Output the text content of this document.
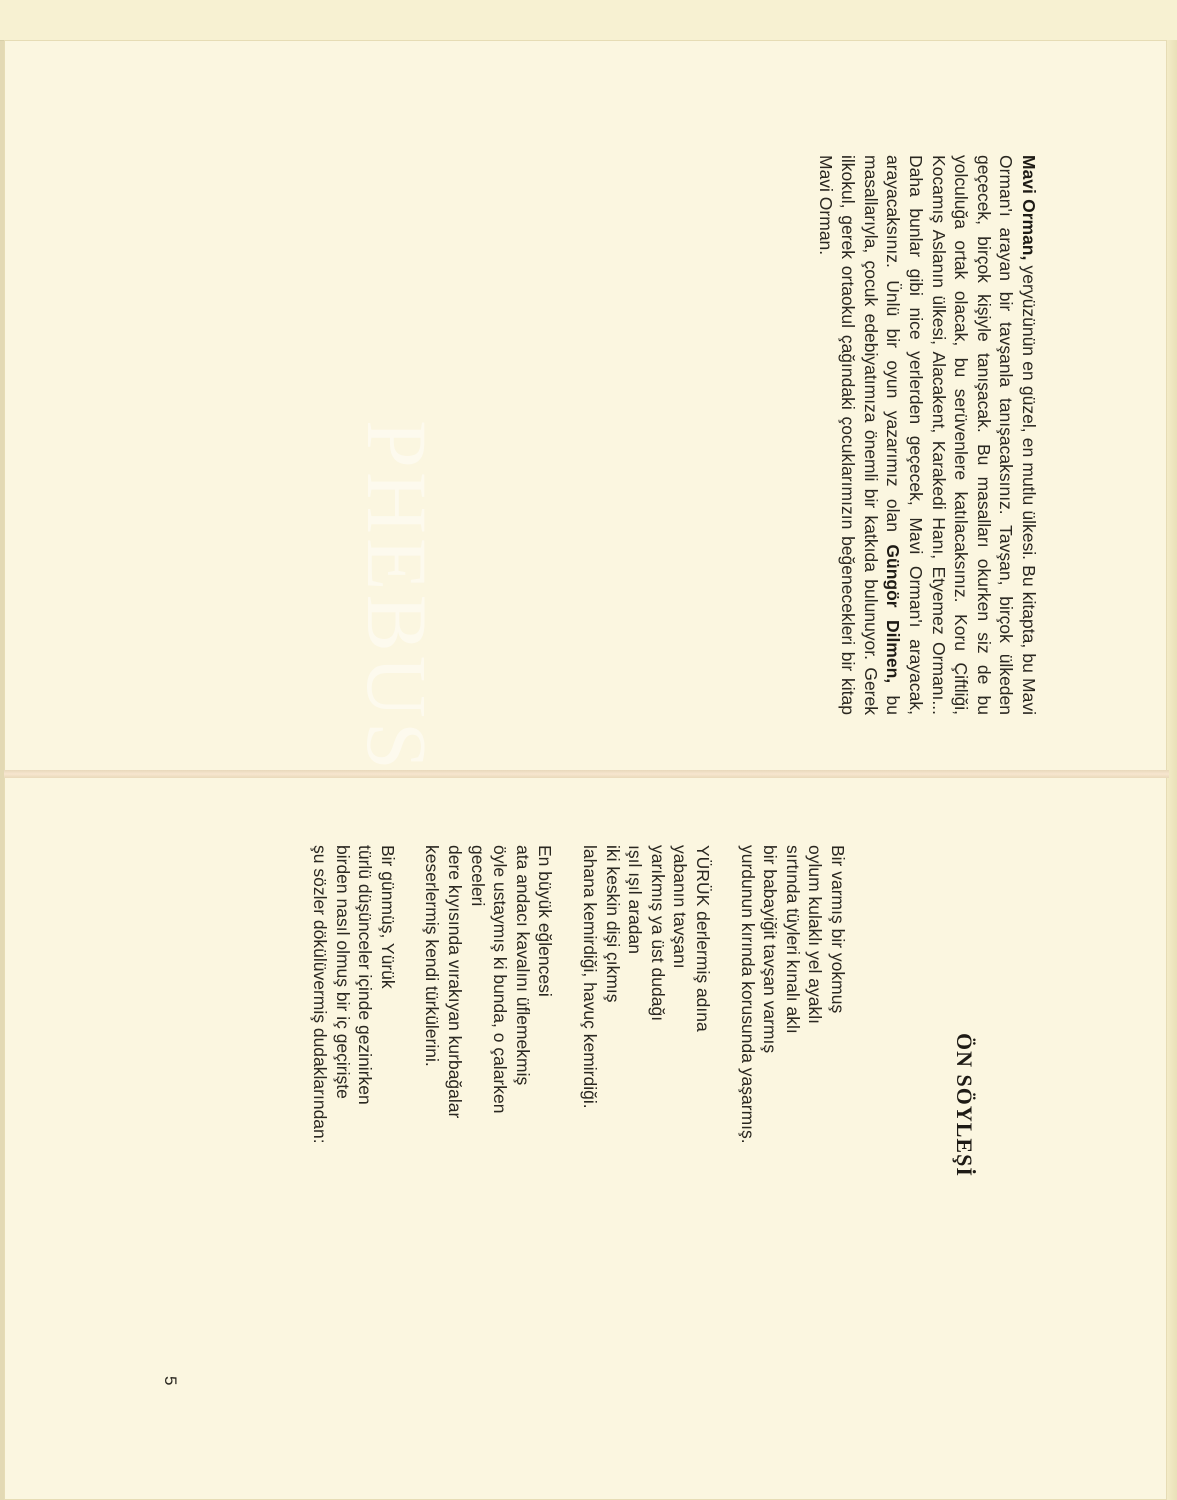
Mavi Orman, yeryüzünün en güzel, en mutlu ülkesi. Bu kitapta, bu Mavi Orman'ı arayan bir tavşanla tanışacaksınız. Tavşan, birçok ülkeden geçecek, birçok kişiyle tanışacak. Bu masalları okurken siz de bu yolculuğa ortak olacak, bu serüvenlere katılacaksınız. Koru Çiftliği, Kocamış Aslanın ülkesi, Alacakent, Karakedi Hanı, Etyemez Ormanı... Daha bunlar gibi nice yerlerden geçecek, Mavi Orman'ı arayacak, arayacaksınız. Ünlü bir oyun yazarımız olan Güngör Dilmen, bu masallarıyla, çocuk edebiyatımıza önemli bir katkıda bulunuyor. Gerek ilkokul, gerek ortaokul çağındaki çocuklarımızın beğenecekleri bir kitap Mavi Orman.
PHEBUS
ÖN SÖYLEŞİ
Bir varmış bir yokmuş
oylum kulaklı yel ayaklı
sırtında tüyleri kınalı aklı
bir babayiğit tavşan varmış
yurdunun kırında korusunda yaşarmış.
YÜRÜK derlermiş adına
yabanın tavşanı
yarıkmış ya üst dudağı
ışıl ışıl aradan
iki keskin dişi çıkmış
lahana kemirdiği, havuç kemirdiği.
En büyük eğlencesi
ata andacı kavalını üflemekmiş
öyle ustaymış ki bunda, o çalarken
geceleri
dere kıyısında vırakıyan kurbağalar
keserlermiş kendi türkülerini.
Bir günmüş, Yürük
türlü düşünceler içinde gezinirken
birden nasıl olmuş bir iç geçirişte
şu sözler dökülüvermiş dudaklarından:
5
